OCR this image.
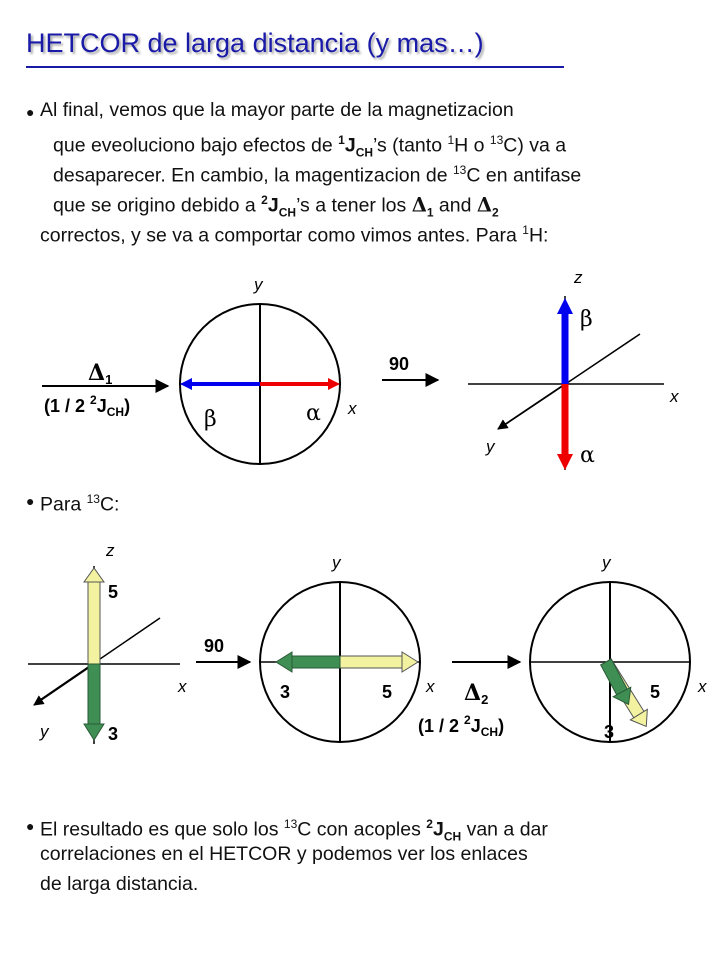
HETCOR de larga distancia (y mas…)
● Al final, vemos que la mayor parte de la magnetizacion
que eveoluciono bajo efectos de $^1J_{CH}’s$ (tanto $^1$H o $^{13}$C) va a
desaparecer. En cambio, la magentizacion de $^{13}$C en antifase
que se origino debido a $^2J_{CH}’s$ a tener los $\Delta_1$ and $\Delta_2$
correctos, y se va a comportar como vimos antes. Para $^1$H:
● Para $^{13}$C:
● El resultado es que solo los $^{13}$C con acoples $^2J_{CH}$ van a dar
correlaciones en el HETCOR y podemos ver los enlaces
de larga distancia.
Δ1
(1 / 2 $^2J_{CH}$)
y
x
β	α
90
z
x
y
β
α
z
x
y
5
3
90
y
x
3	5	Δ2
(1 / 2 $^2J_{CH}$)
y
x
3
5
